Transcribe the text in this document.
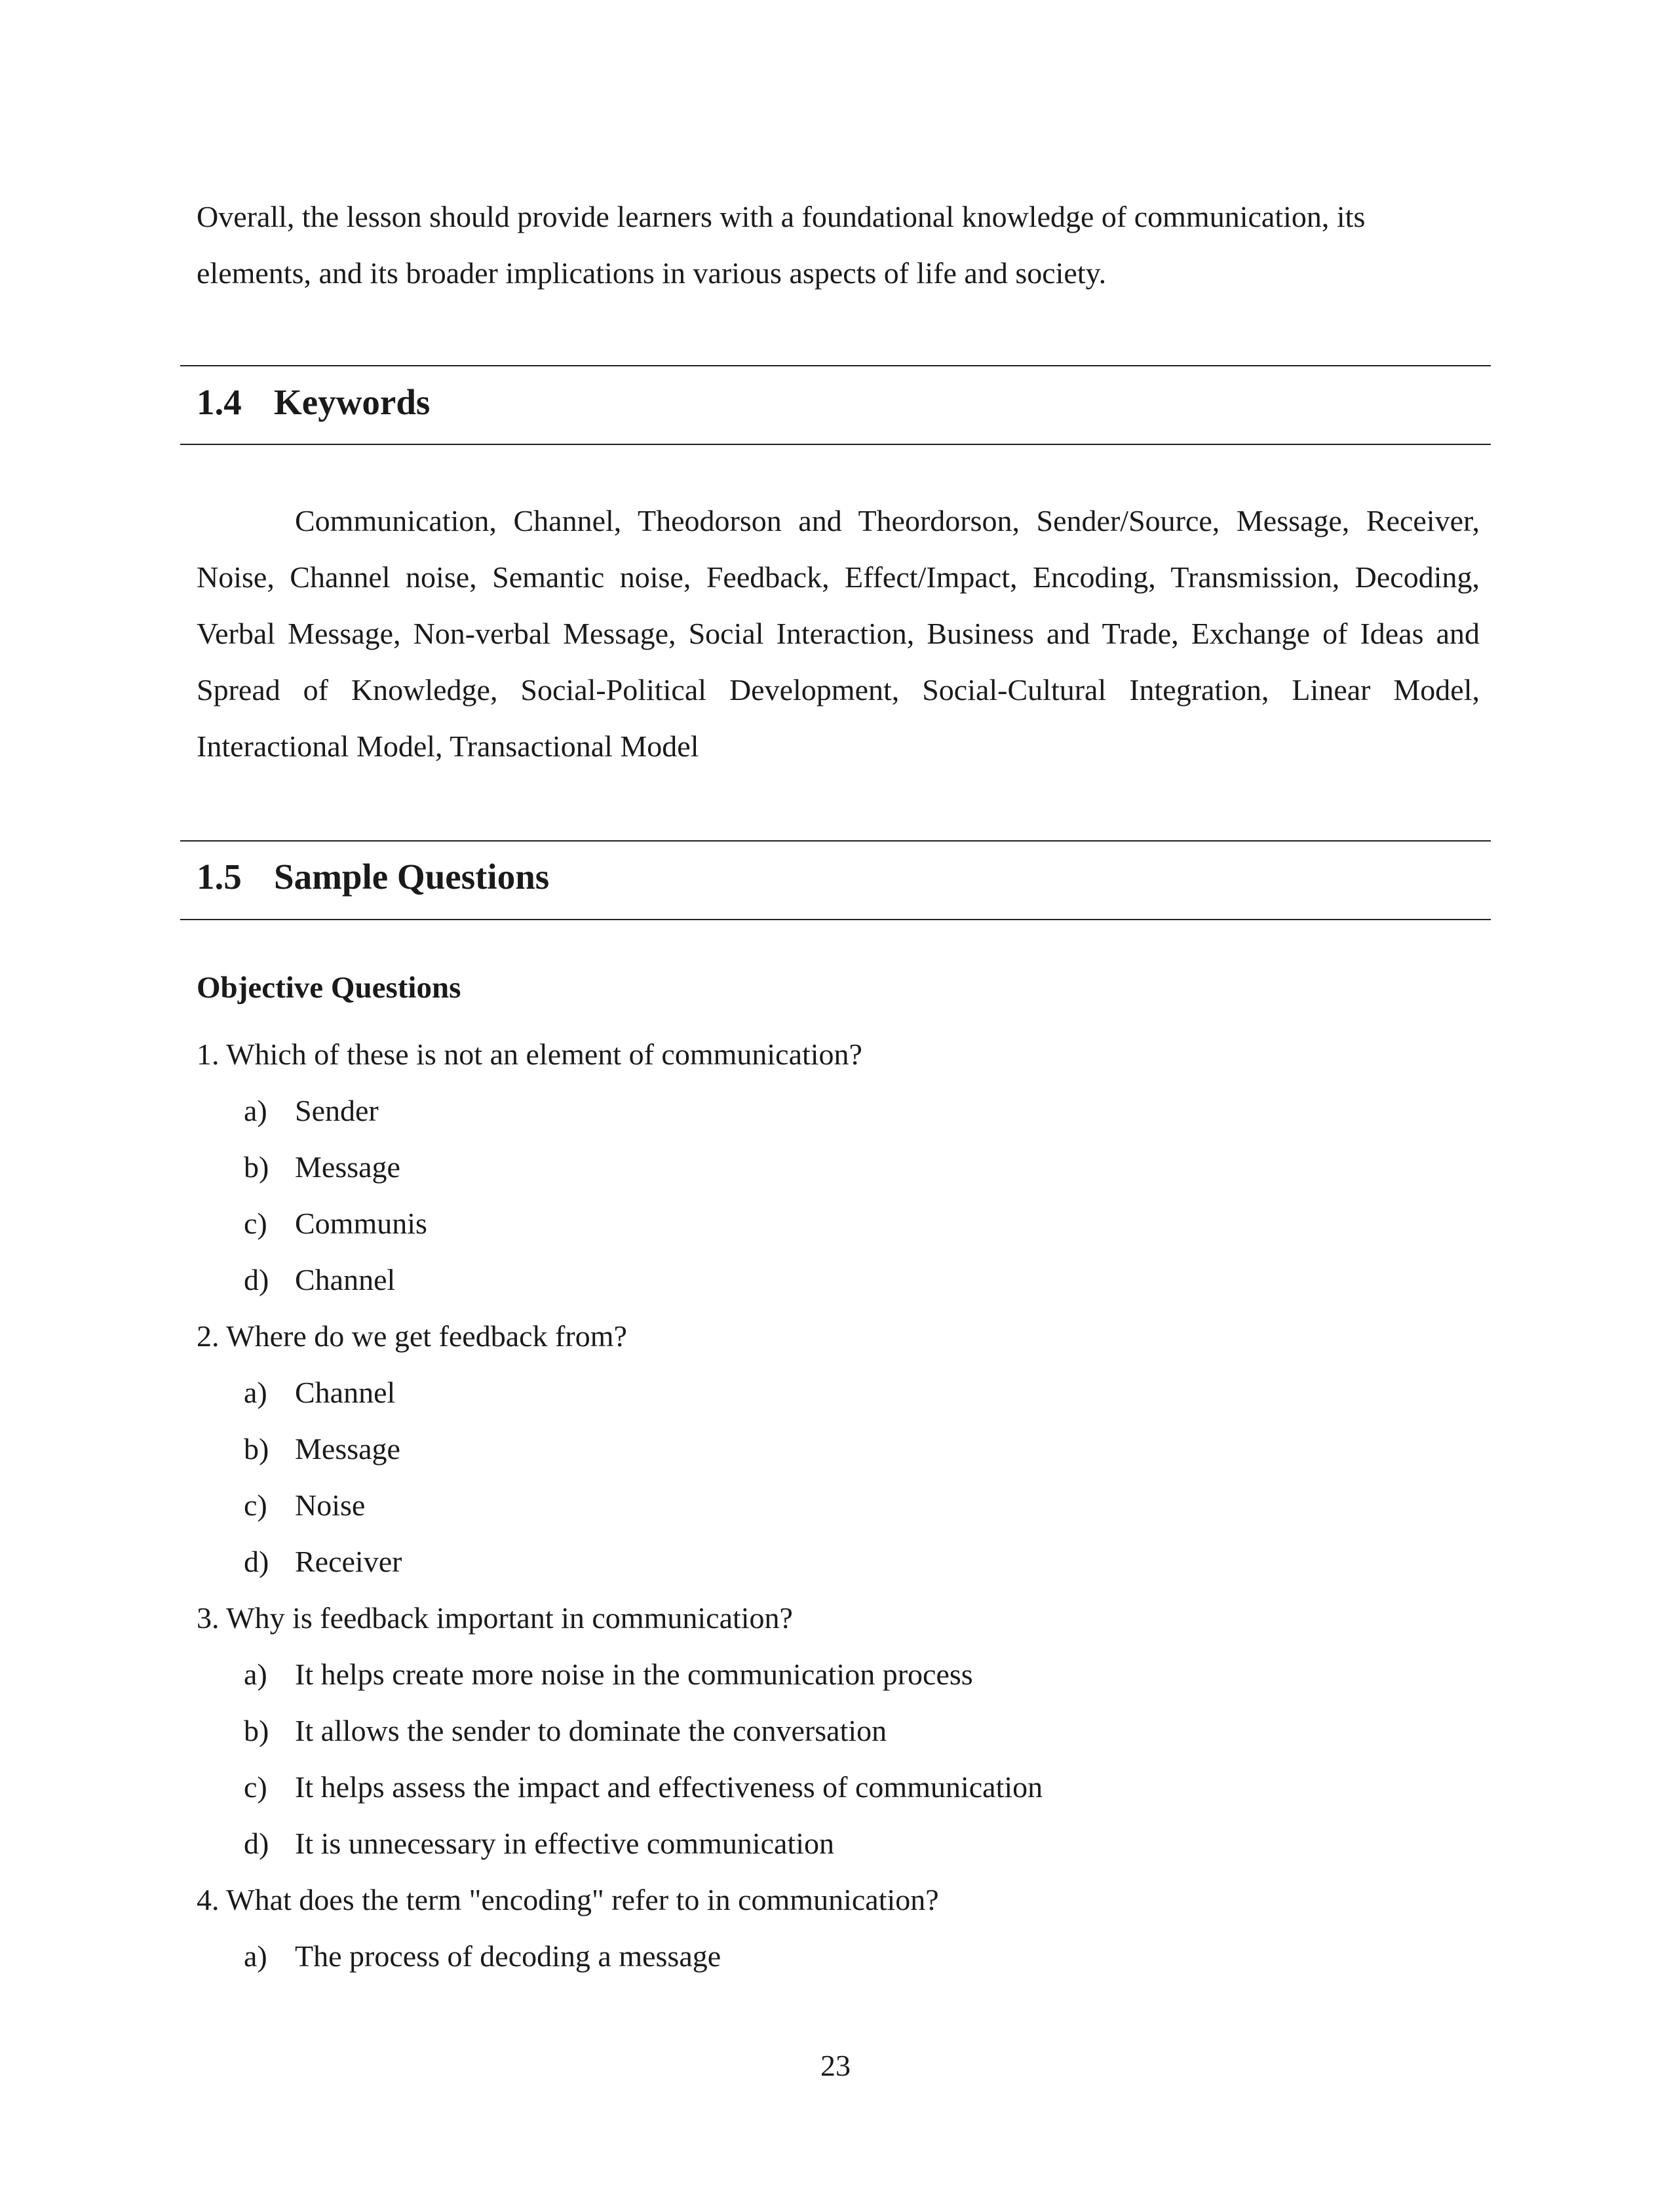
Overall, the lesson should provide learners with a foundational knowledge of communication, its elements, and its broader implications in various aspects of life and society.

1.4 Keywords

Communication, Channel, Theodorson and Theordorson, Sender/Source, Message, Receiver, Noise, Channel noise, Semantic noise, Feedback, Effect/Impact, Encoding, Transmission, Decoding, Verbal Message, Non-verbal Message, Social Interaction, Business and Trade, Exchange of Ideas and Spread of Knowledge, Social-Political Development, Social-Cultural Integration, Linear Model, Interactional Model, Transactional Model

1.5 Sample Questions
Objective Questions

1. Which of these is not an element of communication?

a) Sender

b) Message

c) Communis

d) Channel

2. Where do we get feedback from?

a) Channel

b) Message

c) Noise

d) Receiver

3. Why is feedback important in communication?

a) It helps create more noise in the communication process

b) It allows the sender to dominate the conversation

c) It helps assess the impact and effectiveness of communication

d) It is unnecessary in effective communication

4. What does the term "encoding" refer to in communication?

a) The process of decoding a message

23
